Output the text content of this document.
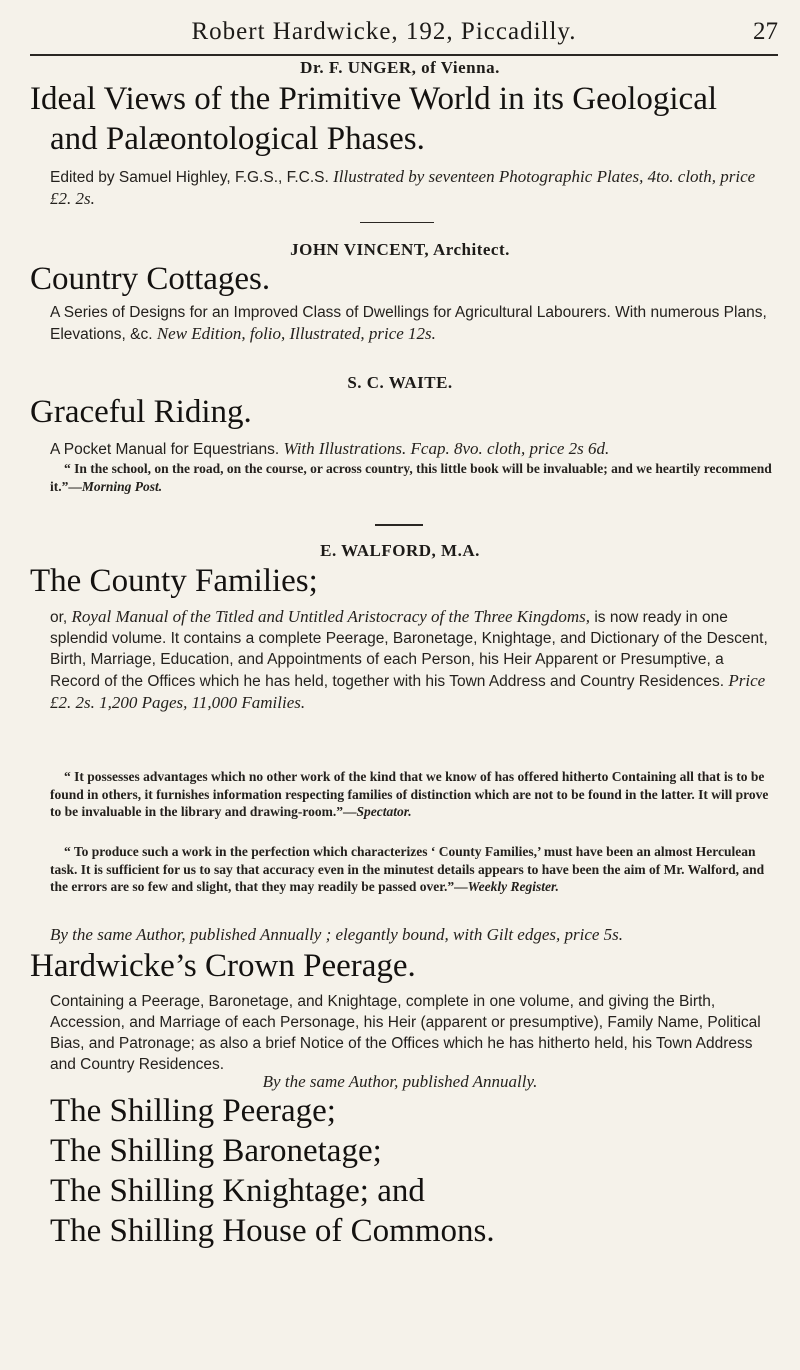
Robert Hardwicke, 192, Piccadilly.	27
Dr. F. UNGER, of Vienna.
Ideal Views of the Primitive World in its Geological
and Palæontological Phases.
Edited by Samuel Highley, F.G.S., F.C.S. Illustrated by seventeen Photographic Plates, 4to. cloth, price £2. 2s.
JOHN VINCENT, Architect.
Country Cottages.
A Series of Designs for an Improved Class of Dwellings for Agricultural Labourers. With numerous Plans, Elevations, &c. New Edition, folio, Illustrated, price 12s.
S. C. WAITE.
Graceful Riding.
A Pocket Manual for Equestrians. With Illustrations. Fcap. 8vo. cloth, price 2s 6d.
“ In the school, on the road, on the course, or across country, this little book will be invaluable; and we heartily recommend it.”—Morning Post.
E. WALFORD, M.A.
The County Families;
or, Royal Manual of the Titled and Untitled Aristocracy of the Three Kingdoms, is now ready in one splendid volume. It contains a complete Peerage, Baronetage, Knightage, and Dictionary of the Descent, Birth, Marriage, Education, and Appointments of each Person, his Heir Apparent or Presumptive, a Record of the Offices which he has held, together with his Town Address and Country Residences. Price £2. 2s. 1,200 Pages, 11,000 Families.
“ It possesses advantages which no other work of the kind that we know of has offered hitherto Containing all that is to be found in others, it furnishes information respecting families of distinction which are not to be found in the latter. It will prove to be invaluable in the library and drawing-room.”—Spectator.
“ To produce such a work in the perfection which characterizes ‘ County Families,’ must have been an almost Herculean task. It is sufficient for us to say that accuracy even in the minutest details appears to have been the aim of Mr. Walford, and the errors are so few and slight, that they may readily be passed over.”—Weekly Register.
By the same Author, published Annually ; elegantly bound, with Gilt edges, price 5s.
Hardwicke’s Crown Peerage.
Containing a Peerage, Baronetage, and Knightage, complete in one volume, and giving the Birth, Accession, and Marriage of each Personage, his Heir (apparent or presumptive), Family Name, Political Bias, and Patronage; as also a brief Notice of the Offices which he has hitherto held, his Town Address and Country Residences.
By the same Author, published Annually.
The Shilling Peerage;
The Shilling Baronetage;
The Shilling Knightage; and
The Shilling House of Commons.
